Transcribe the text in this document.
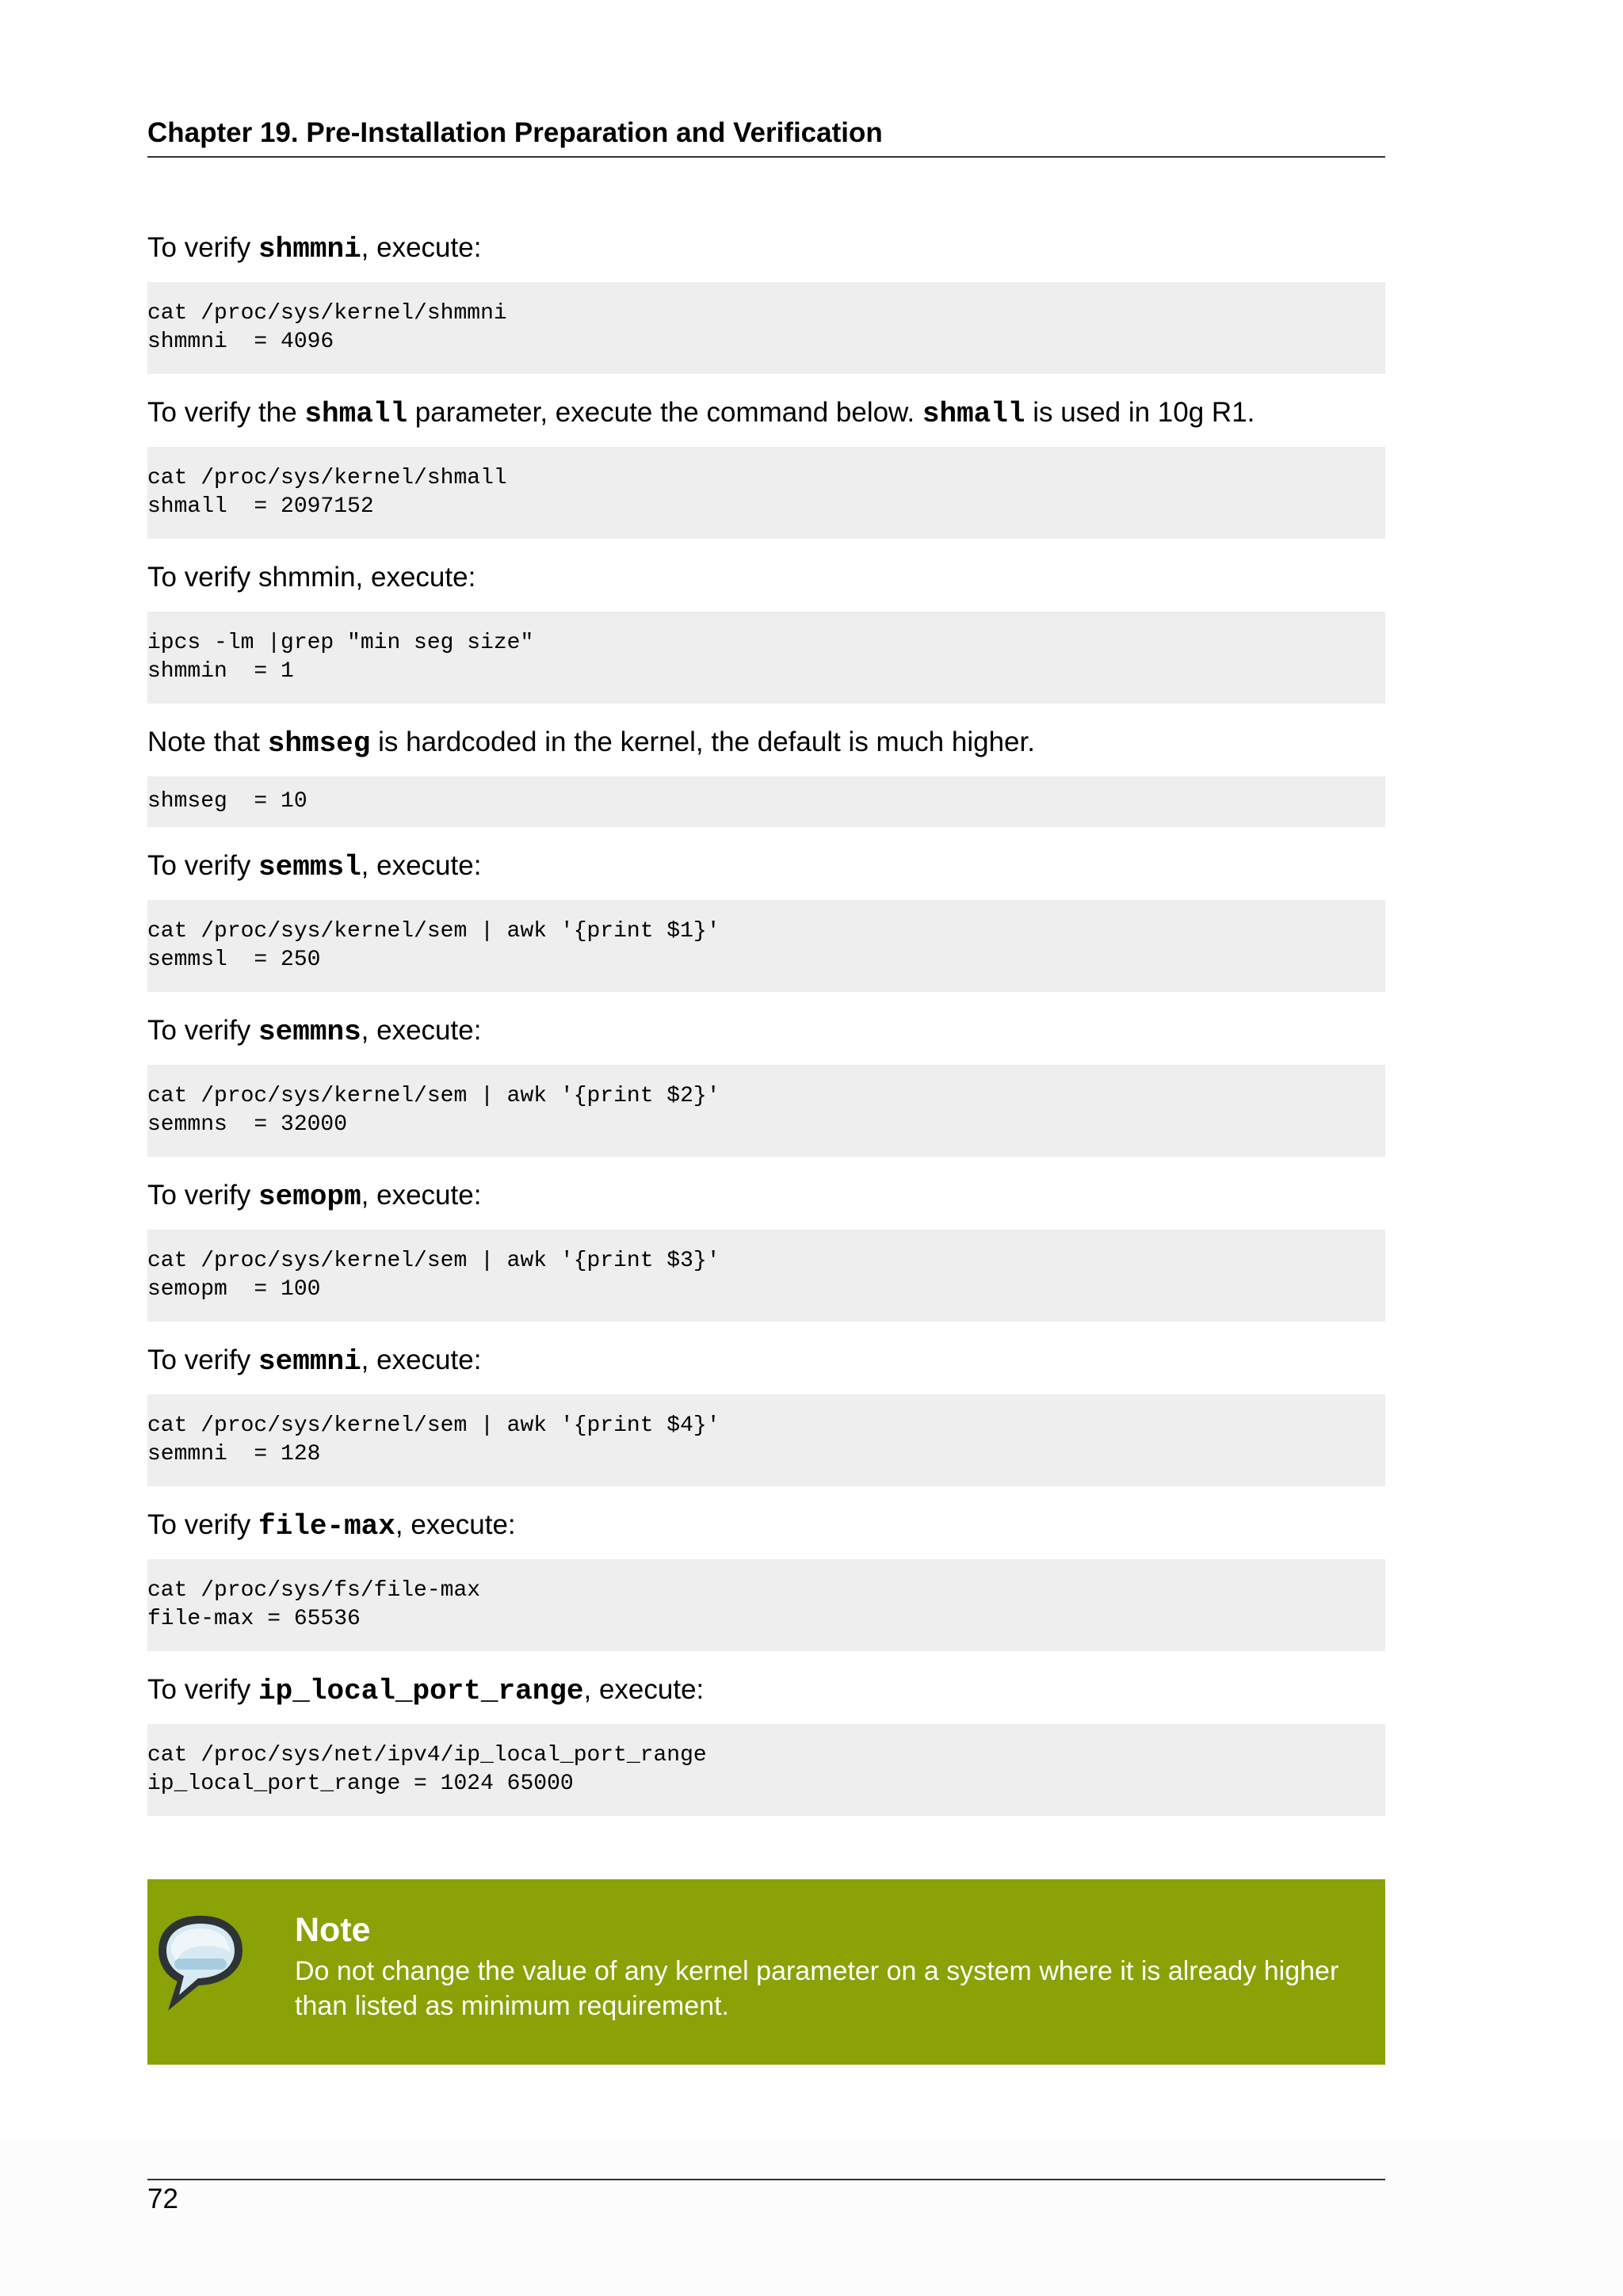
Chapter 19. Pre-Installation Preparation and Verification

To verify shmmni, execute:

cat /proc/sys/kernel/shmmni
shmmni  = 4096

To verify the shmall parameter, execute the command below. shmall is used in 10g R1.

cat /proc/sys/kernel/shmall
shmall  = 2097152

To verify shmmin, execute:

ipcs -lm |grep "min seg size"
shmmin  = 1

Note that shmseg is hardcoded in the kernel, the default is much higher.

shmseg  = 10

To verify semmsl, execute:

cat /proc/sys/kernel/sem | awk '{print $1}'
semmsl  = 250

To verify semmns, execute:

cat /proc/sys/kernel/sem | awk '{print $2}'
semmns  = 32000

To verify semopm, execute:

cat /proc/sys/kernel/sem | awk '{print $3}'
semopm  = 100

To verify semmni, execute:

cat /proc/sys/kernel/sem | awk '{print $4}'
semmni  = 128

To verify file-max, execute:

cat /proc/sys/fs/file-max
file-max = 65536

To verify ip_local_port_range, execute:

cat /proc/sys/net/ipv4/ip_local_port_range
ip_local_port_range = 1024 65000
Note
Do not change the value of any kernel parameter on a system where it is already higher than listed as minimum requirement.
72
